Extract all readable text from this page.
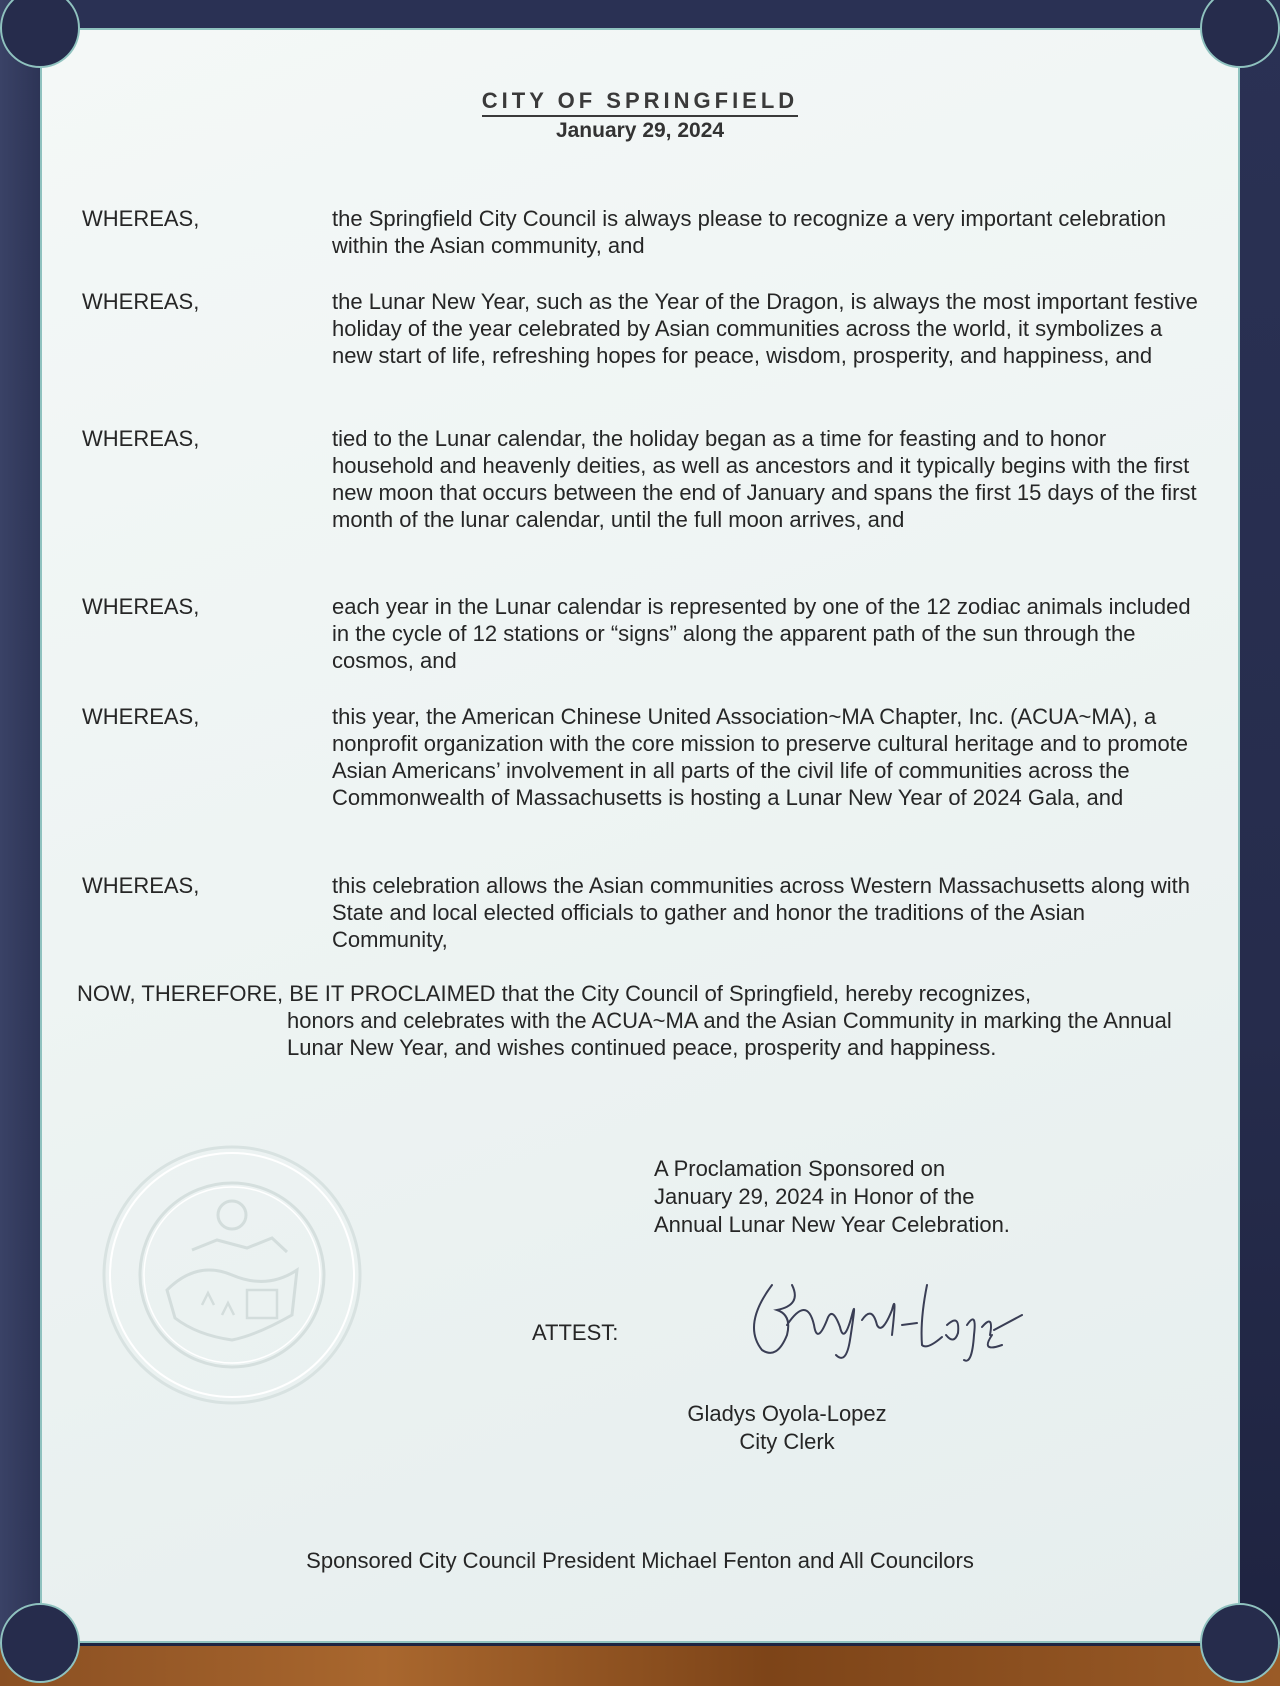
CITY OF SPRINGFIELD
January 29, 2024
WHEREAS,	the Springfield City Council is always please to recognize a very important celebration within the Asian community, and
WHEREAS,	the Lunar New Year, such as the Year of the Dragon, is always the most important festive holiday of the year celebrated by Asian communities across the world, it symbolizes a new start of life, refreshing hopes for peace, wisdom, prosperity, and happiness, and
WHEREAS,	tied to the Lunar calendar, the holiday began as a time for feasting and to honor household and heavenly deities, as well as ancestors and it typically begins with the first new moon that occurs between the end of January and spans the first 15 days of the first month of the lunar calendar, until the full moon arrives, and
WHEREAS,	each year in the Lunar calendar is represented by one of the 12 zodiac animals included in the cycle of 12 stations or “signs” along the apparent path of the sun through the cosmos, and
WHEREAS,	this year, the American Chinese United Association~MA Chapter, Inc. (ACUA~MA), a nonprofit organization with the core mission to preserve cultural heritage and to promote Asian Americans’ involvement in all parts of the civil life of communities across the Commonwealth of Massachusetts is hosting a Lunar New Year of 2024 Gala, and
WHEREAS,	this celebration allows the Asian communities across Western Massachusetts along with State and local elected officials to gather and honor the traditions of the Asian Community,
NOW, THEREFORE, BE IT PROCLAIMED that the City Council of Springfield, hereby recognizes,
honors and celebrates with the ACUA~MA and the Asian Community in marking the Annual Lunar New Year, and wishes continued peace, prosperity and happiness.
A Proclamation Sponsored on
January 29, 2024 in Honor of the
Annual Lunar New Year Celebration.
ATTEST:
Gladys Oyola-Lopez
City Clerk
Sponsored City Council President Michael Fenton and All Councilors
